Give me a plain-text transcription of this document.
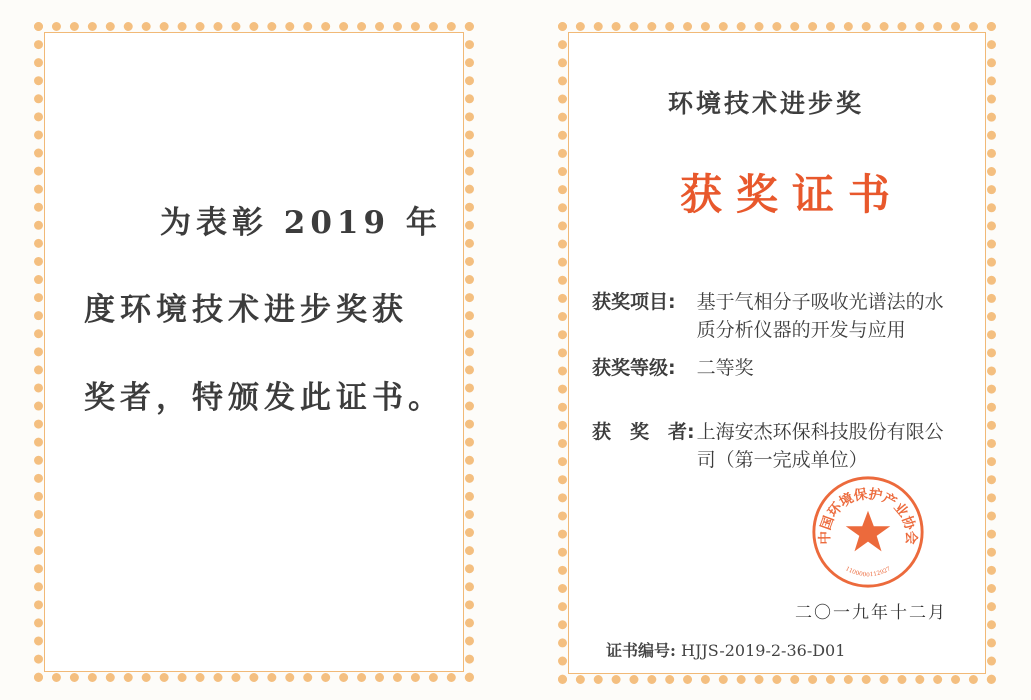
为表彰 2019 年
度环境技术进步奖获
奖者，特颁发此证书。
环境技术进步奖
获奖证书
获奖项目:	基于气相分子吸收光谱法的水
质分析仪器的开发与应用
获奖等级:	二等奖
获　奖　者: 上海安杰环保科技股份有限公
司（第一完成单位）
中国环境保护产业协会
1100000112927
二〇一九年十二月
证书编号: HJJS-2019-2-36-D01
